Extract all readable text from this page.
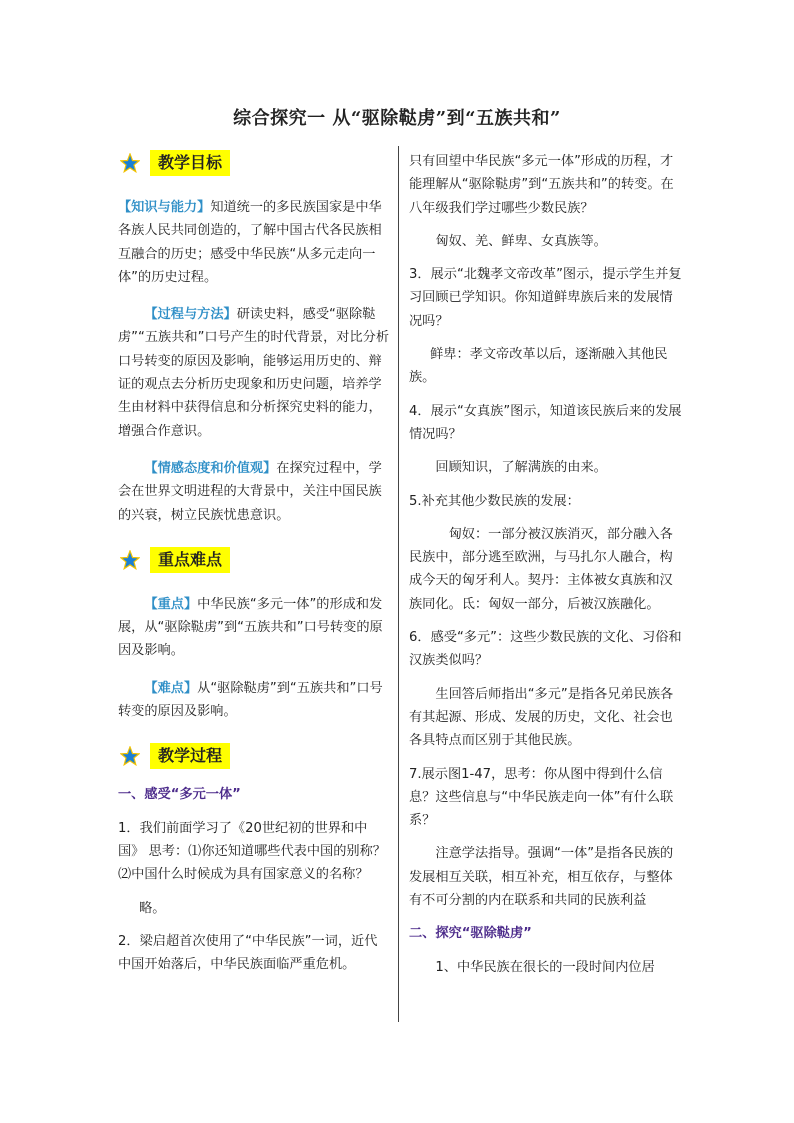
综合探究一 从“驱除鞑虏”到“五族共和”
教学目标

【知识与能力】知道统一的多民族国家是中华各族人民共同创造的，了解中国古代各民族相互融合的历史；感受中华民族“从多元走向一体”的历史过程。

【过程与方法】研读史料，感受“驱除鞑虏”“五族共和”口号产生的时代背景，对比分析口号转变的原因及影响，能够运用历史的、辩证的观点去分析历史现象和历史问题，培养学生由材料中获得信息和分析探究史料的能力，增强合作意识。

【情感态度和价值观】在探究过程中，学会在世界文明进程的大背景中，关注中国民族的兴衰，树立民族忧患意识。

重点难点

【重点】中华民族“多元一体”的形成和发展，从“驱除鞑虏”到“五族共和”口号转变的原因及影响。

【难点】从“驱除鞑虏”到“五族共和”口号转变的原因及影响。

教学过程

一、感受“多元一体”

1．我们前面学习了《20世纪初的世界和中国》 思考：⑴你还知道哪些代表中国的别称？ ⑵中国什么时候成为具有国家意义的名称？

略。

2．梁启超首次使用了“中华民族”一词，近代中国开始落后，中华民族面临严重危机。

只有回望中华民族“多元一体”形成的历程，才能理解从“驱除鞑虏”到“五族共和”的转变。在八年级我们学过哪些少数民族？

匈奴、羌、鲜卑、女真族等。

3．展示“北魏孝文帝改革”图示，提示学生并复习回顾已学知识。你知道鲜卑族后来的发展情况吗？

鲜卑：孝文帝改革以后，逐渐融入其他民族。

4．展示“女真族”图示，知道该民族后来的发展情况吗？

回顾知识，了解满族的由来。

5.补充其他少数民族的发展：

匈奴：一部分被汉族消灭，部分融入各民族中，部分逃至欧洲，与马扎尔人融合，构成今天的匈牙利人。契丹：主体被女真族和汉族同化。氐：匈奴一部分，后被汉族融化。

6．感受“多元”：这些少数民族的文化、习俗和汉族类似吗？

生回答后师指出“多元”是指各兄弟民族各有其起源、形成、发展的历史，文化、社会也各具特点而区别于其他民族。

7.展示图1-47，思考：你从图中得到什么信息？这些信息与“中华民族走向一体”有什么联系？

注意学法指导。强调“一体”是指各民族的发展相互关联，相互补充，相互依存，与整体有不可分割的内在联系和共同的民族利益

二、探究“驱除鞑虏”

1、中华民族在很长的一段时间内位居
